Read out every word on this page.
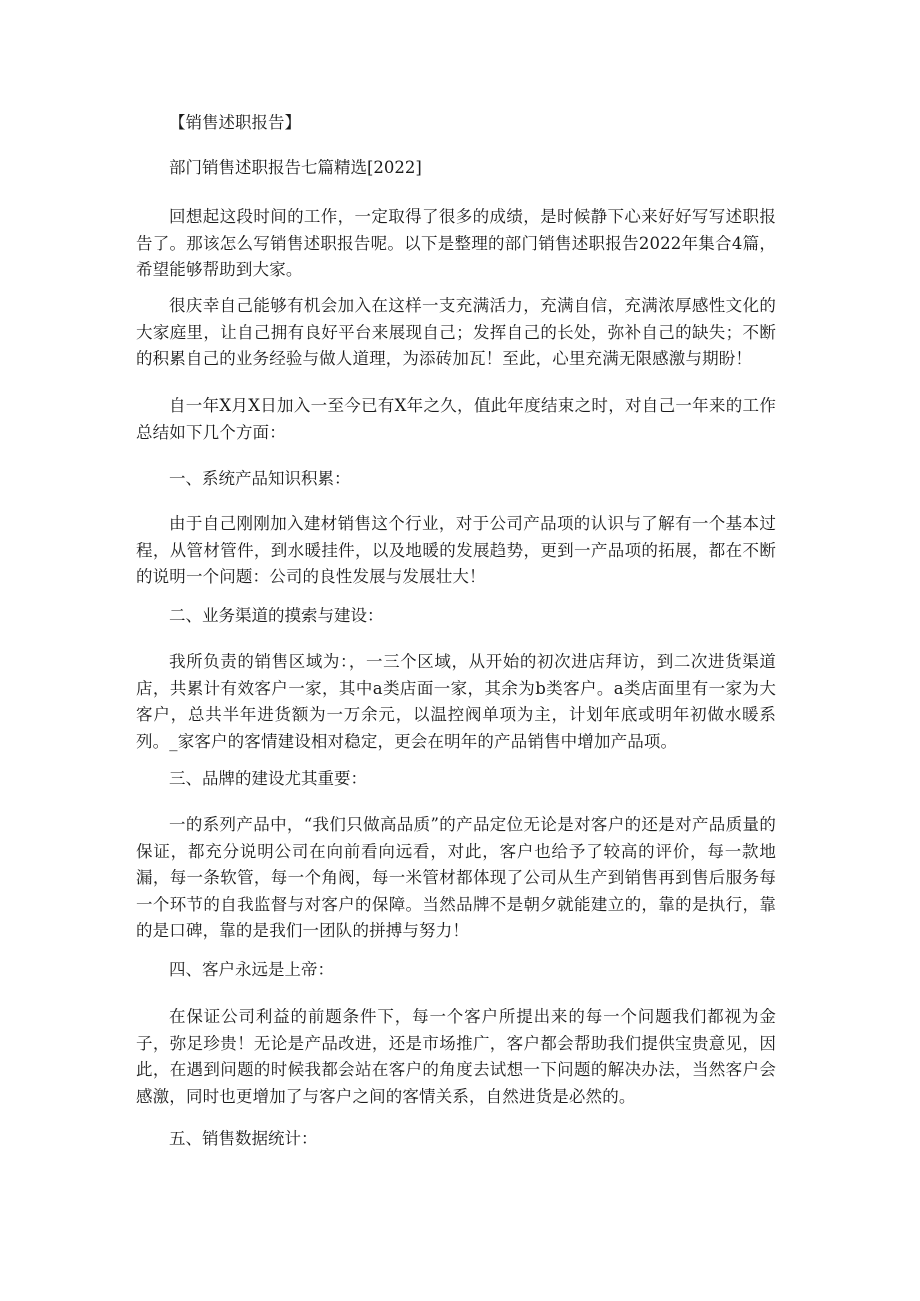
【销售述职报告】

部门销售述职报告七篇精选[2022]

回想起这段时间的工作，一定取得了很多的成绩，是时候静下心来好好写写述职报告了。那该怎么写销售述职报告呢。以下是整理的部门销售述职报告2022年集合4篇，希望能够帮助到大家。

很庆幸自己能够有机会加入在这样一支充满活力，充满自信，充满浓厚感性文化的大家庭里，让自己拥有良好平台来展现自己；发挥自己的长处，弥补自己的缺失；不断的积累自己的业务经验与做人道理，为添砖加瓦！至此，心里充满无限感激与期盼！

自一年X月X日加入一至今已有X年之久，值此年度结束之时，对自己一年来的工作总结如下几个方面：

一、系统产品知识积累：

由于自己刚刚加入建材销售这个行业，对于公司产品项的认识与了解有一个基本过程，从管材管件，到水暖挂件，以及地暖的发展趋势，更到一产品项的拓展，都在不断的说明一个问题：公司的良性发展与发展壮大！

二、业务渠道的摸索与建设：

我所负责的销售区域为：，一三个区域，从开始的初次进店拜访，到二次进货渠道店，共累计有效客户一家，其中a类店面一家，其余为b类客户。a类店面里有一家为大客户，总共半年进货额为一万余元，以温控阀单项为主，计划年底或明年初做水暖系列。_家客户的客情建设相对稳定，更会在明年的产品销售中增加产品项。

三、品牌的建设尤其重要：

一的系列产品中，“我们只做高品质”的产品定位无论是对客户的还是对产品质量的保证，都充分说明公司在向前看向远看，对此，客户也给予了较高的评价，每一款地漏，每一条软管，每一个角阀，每一米管材都体现了公司从生产到销售再到售后服务每一个环节的自我监督与对客户的保障。当然品牌不是朝夕就能建立的，靠的是执行，靠的是口碑，靠的是我们一团队的拼搏与努力！

四、客户永远是上帝：

在保证公司利益的前题条件下，每一个客户所提出来的每一个问题我们都视为金子，弥足珍贵！无论是产品改进，还是市场推广，客户都会帮助我们提供宝贵意见，因此，在遇到问题的时候我都会站在客户的角度去试想一下问题的解决办法，当然客户会感激，同时也更增加了与客户之间的客情关系，自然进货是必然的。

五、销售数据统计：
